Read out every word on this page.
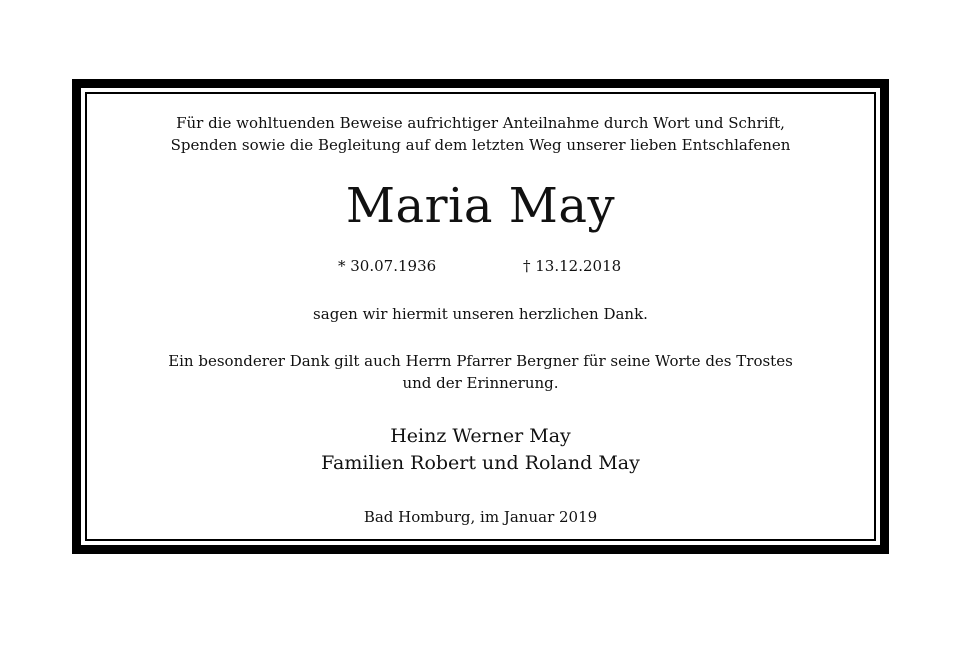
Für die wohltuenden Beweise aufrichtiger Anteilnahme durch Wort und Schrift,
Spenden sowie die Begleitung auf dem letzten Weg unserer lieben Entschlafenen
Maria May
* 30.07.1936	† 13.12.2018
sagen wir hiermit unseren herzlichen Dank.
Ein besonderer Dank gilt auch Herrn Pfarrer Bergner für seine Worte des Trostes
und der Erinnerung.
Heinz Werner May
Familien Robert und Roland May
Bad Homburg, im Januar 2019
